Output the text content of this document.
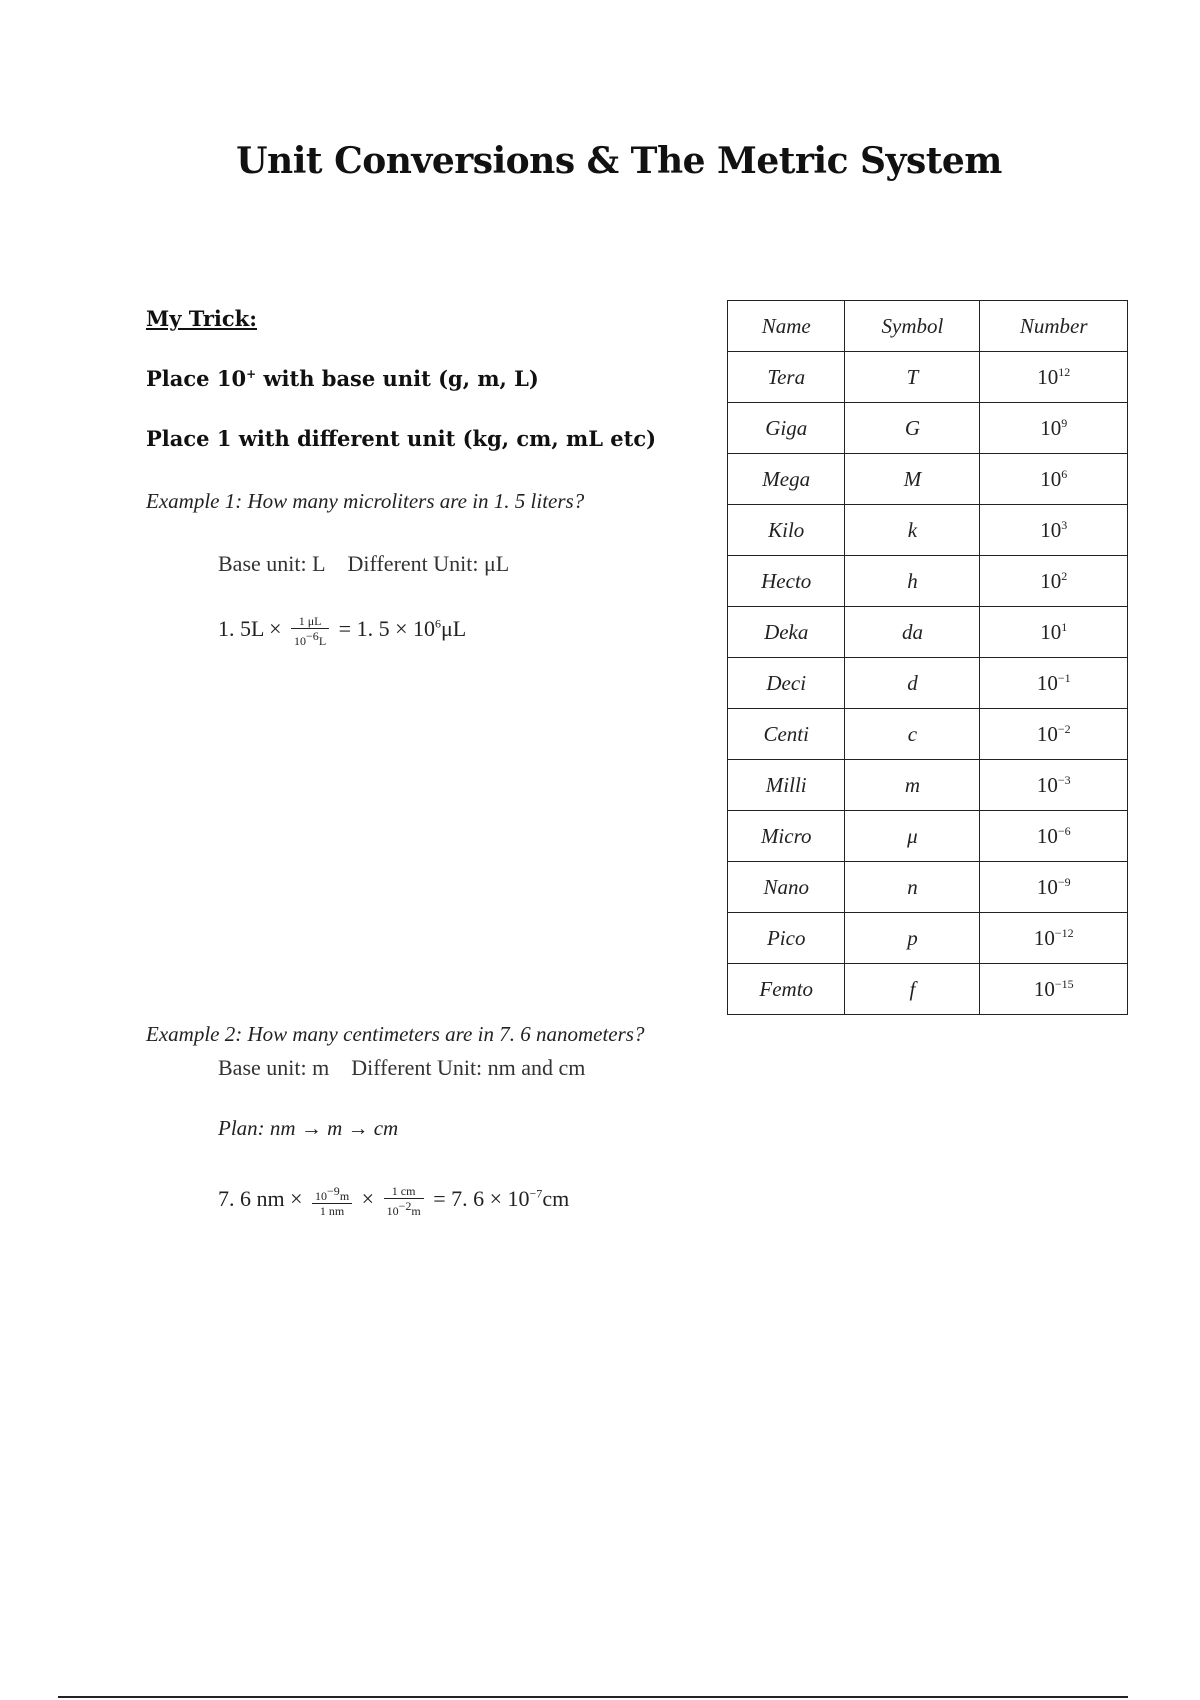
Unit Conversions & The Metric System
My Trick:
Place 10+ with base unit (g, m, L)
Place 1 with different unit (kg, cm, mL etc)
Example 1: How many microliters are in 1. 5 liters?
Base unit: L Different Unit: μL
1. $5L \times \frac{1 \mu L}{10^{-6}L} = 1$. $5 \times 10^6\mu L$
Example 2: How many centimeters are in 7. 6 nanometers?
Base unit: m Different Unit: nm and cm
Plan: nm → m → cm
7. 6 nm × $\frac{10^{-9}m}{1 nm} \times \frac{1 cm}{10^{-2}m} = 7$. $6 \times 10^{-7}cm$
Name	Symbol	Number
Tera	T	$10^{12}$
Giga	G	$10^9$
Mega	M	$10^6$
Kilo	k	$10^3$
Hecto	h	$10^2$
Deka	da	$10^1$
Deci	d	$10^{-1}$
Centi	c	$10^{-2}$
Milli	m	$10^{-3}$
Micro	μ	$10^{-6}$
Nano	n	$10^{-9}$
Pico	p	$10^{-12}$
Femto	f	$10^{-15}$
